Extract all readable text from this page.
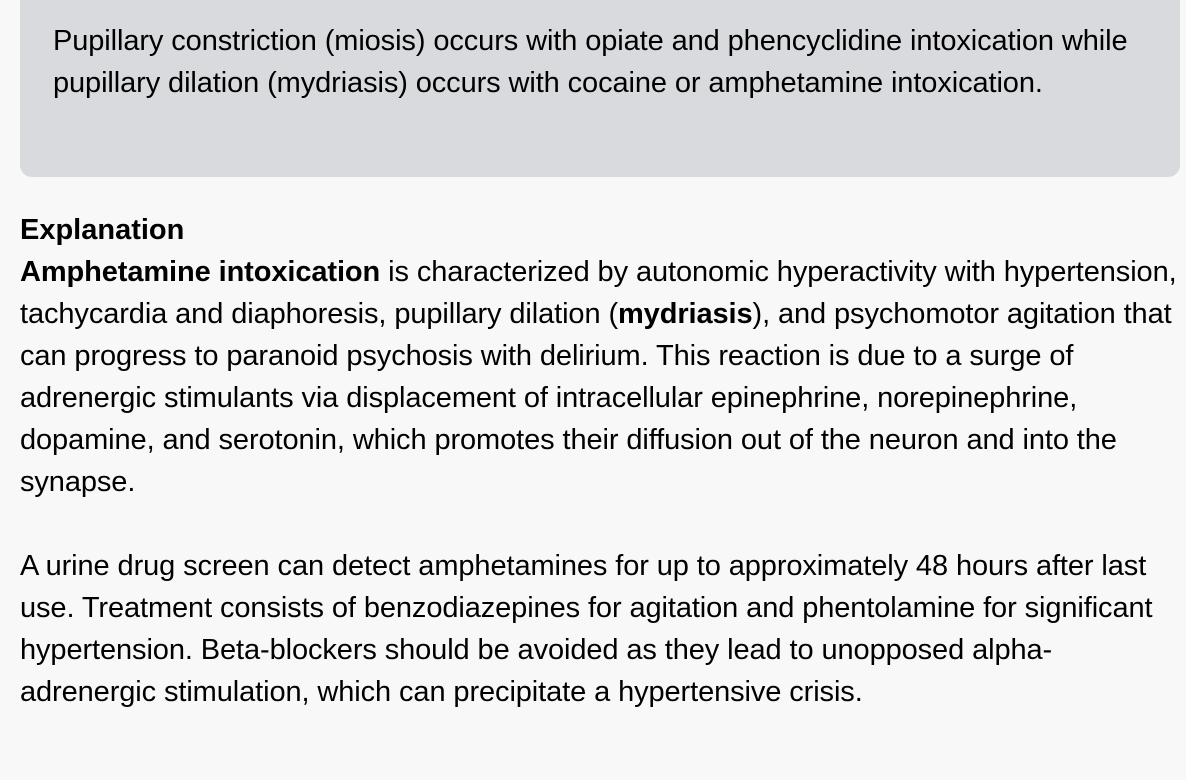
Pupillary constriction (miosis) occurs with opiate and phencyclidine intoxication while pupillary dilation (mydriasis) occurs with cocaine or amphetamine intoxication.

Explanation

Amphetamine intoxication is characterized by autonomic hyperactivity with hypertension, tachycardia and diaphoresis, pupillary dilation (mydriasis), and psychomotor agitation that can progress to paranoid psychosis with delirium. This reaction is due to a surge of adrenergic stimulants via displacement of intracellular epinephrine, norepinephrine, dopamine, and serotonin, which promotes their diffusion out of the neuron and into the synapse.

A urine drug screen can detect amphetamines for up to approximately 48 hours after last use. Treatment consists of benzodiazepines for agitation and phentolamine for significant hypertension. Beta-blockers should be avoided as they lead to unopposed alpha-adrenergic stimulation, which can precipitate a hypertensive crisis.
